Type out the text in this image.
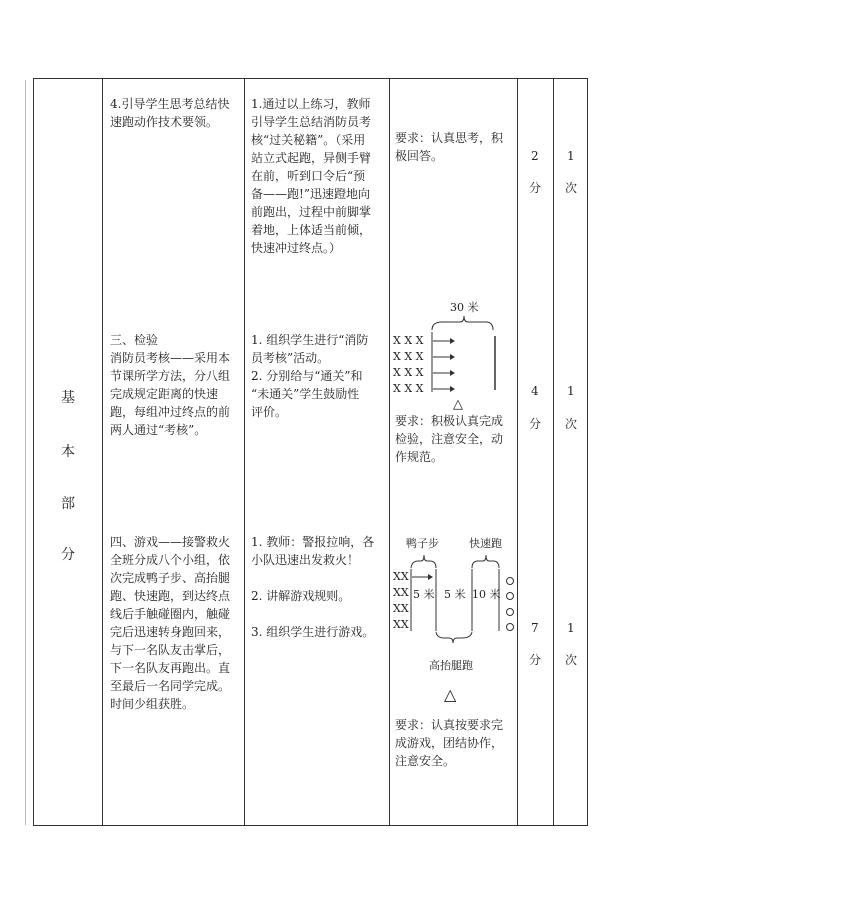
基
本
部
分
4.引导学生思考总结快
速跑动作技术要领。
1.通过以上练习，教师
引导学生总结消防员考
核“过关秘籍”。（采用
站立式起跑，异侧手臂
在前，听到口令后“预
备——跑!”迅速蹬地向
前跑出，过程中前脚掌
着地，上体适当前倾，
快速冲过终点。）
要求：认真思考，积
极回答。	2
分
1
次
三、检验
消防员考核——采用本
节课所学方法，分八组
完成规定距离的快速
跑，每组冲过终点的前
两人通过“考核”。
1. 组织学生进行“消防
员考核”活动。
2. 分别给与“通关”和
“未通关”学生鼓励性
评价。
要求：积极认真完成
检验，注意安全，动
作规范。
4
分
1
次
四、游戏——接警救火
全班分成八个小组，依
次完成鸭子步、高抬腿
跑、快速跑，到达终点
线后手触碰圈内，触碰
完后迅速转身跑回来，
与下一名队友击掌后，
下一名队友再跑出。直
至最后一名同学完成。
时间少组获胜。
1. 教师：警报拉响，各
小队迅速出发救火！

2. 讲解游戏规则。

3. 组织学生进行游戏。
要求：认真按要求完
成游戏，团结协作，
注意安全。
7
分
1
次
30 米
X X X
X X X
X X X
X X X
△
鸭子步	快速跑
XX
XX
XX
XX
5 米 5 米 10 米
高抬腿跑
△
